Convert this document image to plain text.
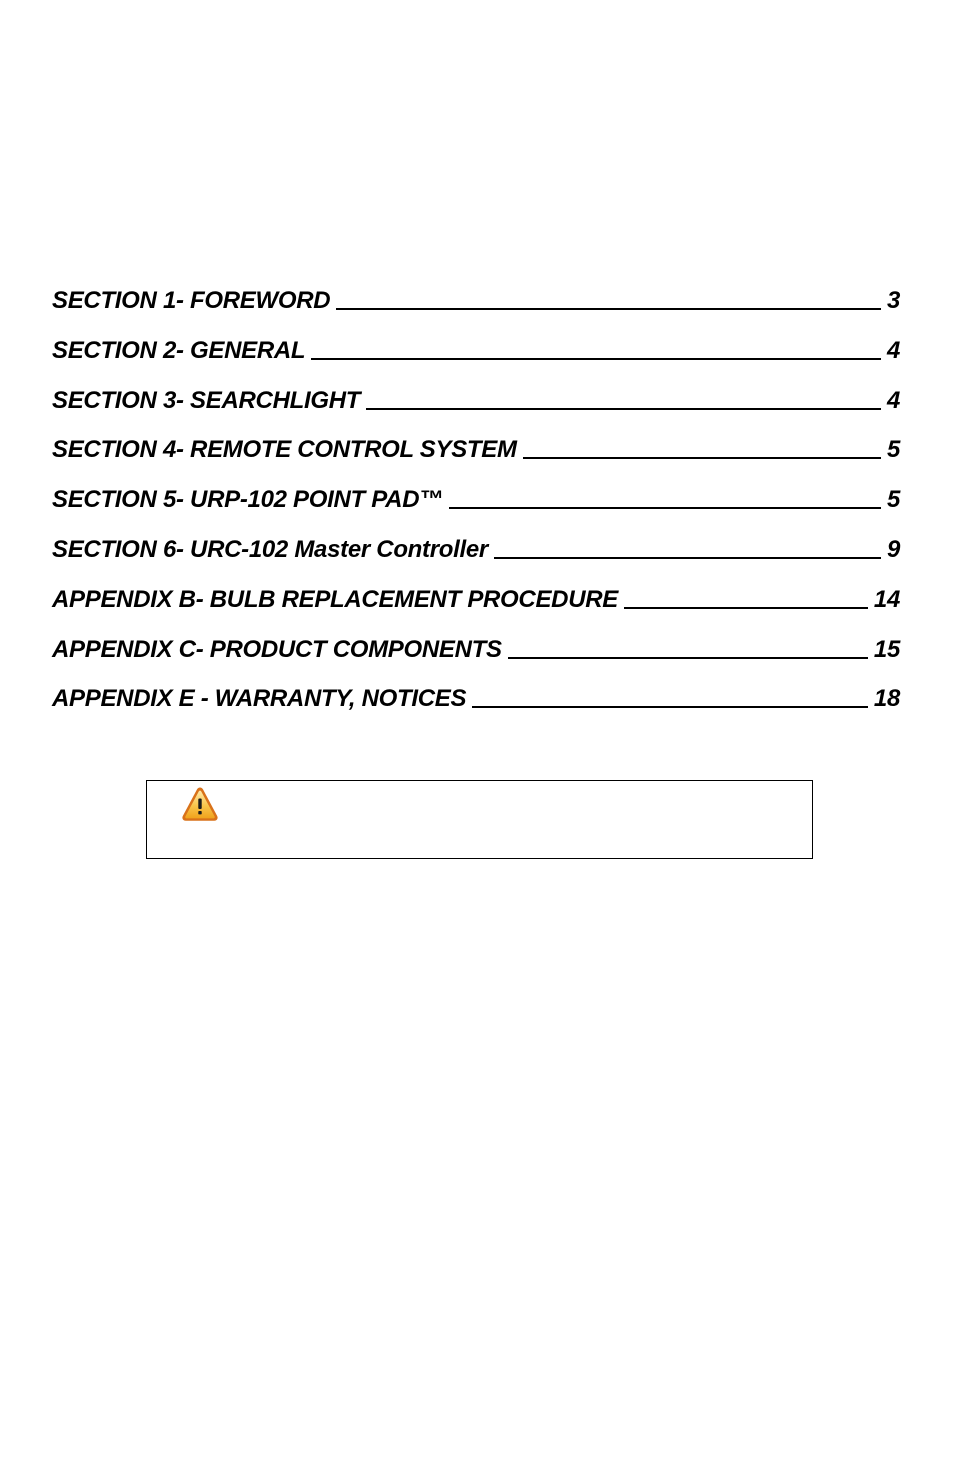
SECTION 1- FOREWORD	3
SECTION 2- GENERAL	4
SECTION 3- SEARCHLIGHT	4
SECTION 4- REMOTE CONTROL SYSTEM	5
SECTION 5- URP-102 POINT PAD™	5
SECTION 6- URC-102 Master Controller	9
APPENDIX B- BULB REPLACEMENT PROCEDURE	14
APPENDIX C- PRODUCT COMPONENTS	15
APPENDIX E - WARRANTY, NOTICES	18
